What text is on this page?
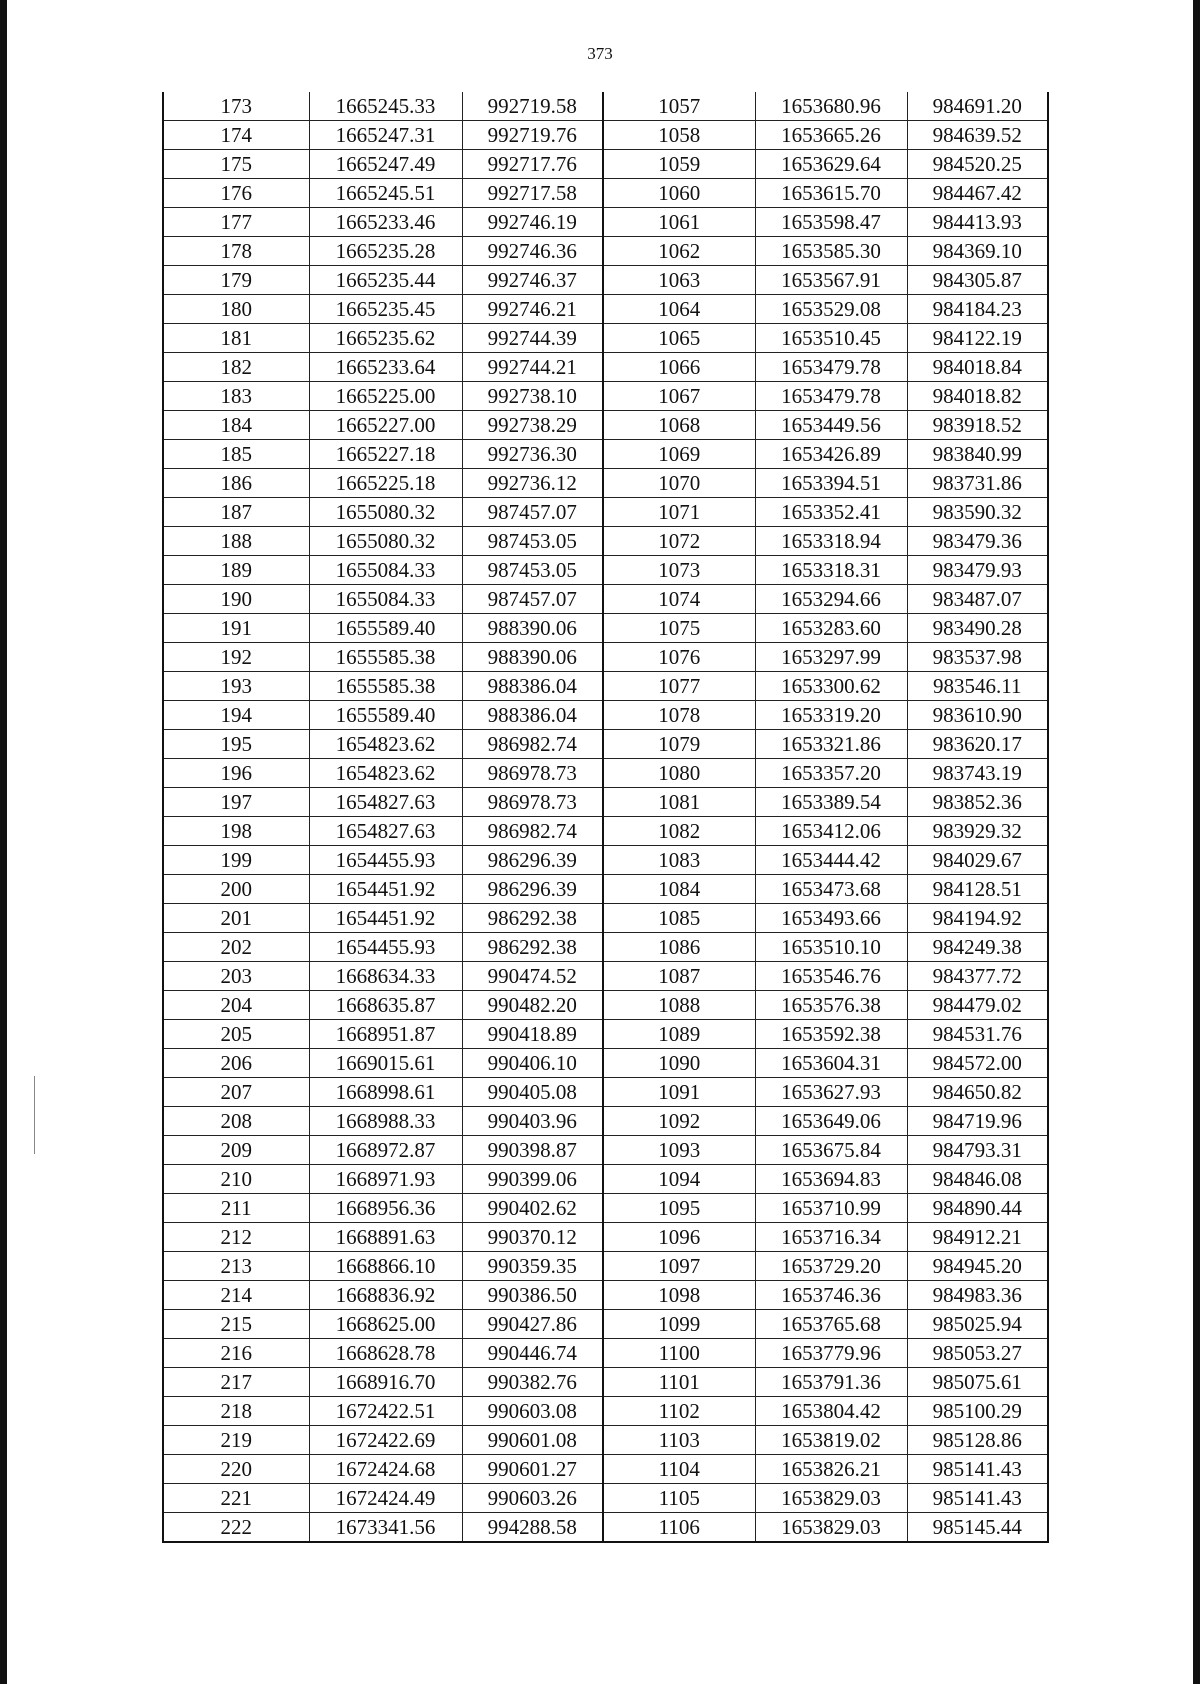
373
173	1665245.33	992719.58	1057	1653680.96	984691.20
174	1665247.31	992719.76	1058	1653665.26	984639.52
175	1665247.49	992717.76	1059	1653629.64	984520.25
176	1665245.51	992717.58	1060	1653615.70	984467.42
177	1665233.46	992746.19	1061	1653598.47	984413.93
178	1665235.28	992746.36	1062	1653585.30	984369.10
179	1665235.44	992746.37	1063	1653567.91	984305.87
180	1665235.45	992746.21	1064	1653529.08	984184.23
181	1665235.62	992744.39	1065	1653510.45	984122.19
182	1665233.64	992744.21	1066	1653479.78	984018.84
183	1665225.00	992738.10	1067	1653479.78	984018.82
184	1665227.00	992738.29	1068	1653449.56	983918.52
185	1665227.18	992736.30	1069	1653426.89	983840.99
186	1665225.18	992736.12	1070	1653394.51	983731.86
187	1655080.32	987457.07	1071	1653352.41	983590.32
188	1655080.32	987453.05	1072	1653318.94	983479.36
189	1655084.33	987453.05	1073	1653318.31	983479.93
190	1655084.33	987457.07	1074	1653294.66	983487.07
191	1655589.40	988390.06	1075	1653283.60	983490.28
192	1655585.38	988390.06	1076	1653297.99	983537.98
193	1655585.38	988386.04	1077	1653300.62	983546.11
194	1655589.40	988386.04	1078	1653319.20	983610.90
195	1654823.62	986982.74	1079	1653321.86	983620.17
196	1654823.62	986978.73	1080	1653357.20	983743.19
197	1654827.63	986978.73	1081	1653389.54	983852.36
198	1654827.63	986982.74	1082	1653412.06	983929.32
199	1654455.93	986296.39	1083	1653444.42	984029.67
200	1654451.92	986296.39	1084	1653473.68	984128.51
201	1654451.92	986292.38	1085	1653493.66	984194.92
202	1654455.93	986292.38	1086	1653510.10	984249.38
203	1668634.33	990474.52	1087	1653546.76	984377.72
204	1668635.87	990482.20	1088	1653576.38	984479.02
205	1668951.87	990418.89	1089	1653592.38	984531.76
206	1669015.61	990406.10	1090	1653604.31	984572.00
207	1668998.61	990405.08	1091	1653627.93	984650.82
208	1668988.33	990403.96	1092	1653649.06	984719.96
209	1668972.87	990398.87	1093	1653675.84	984793.31
210	1668971.93	990399.06	1094	1653694.83	984846.08
211	1668956.36	990402.62	1095	1653710.99	984890.44
212	1668891.63	990370.12	1096	1653716.34	984912.21
213	1668866.10	990359.35	1097	1653729.20	984945.20
214	1668836.92	990386.50	1098	1653746.36	984983.36
215	1668625.00	990427.86	1099	1653765.68	985025.94
216	1668628.78	990446.74	1100	1653779.96	985053.27
217	1668916.70	990382.76	1101	1653791.36	985075.61
218	1672422.51	990603.08	1102	1653804.42	985100.29
219	1672422.69	990601.08	1103	1653819.02	985128.86
220	1672424.68	990601.27	1104	1653826.21	985141.43
221	1672424.49	990603.26	1105	1653829.03	985141.43
222	1673341.56	994288.58	1106	1653829.03	985145.44
